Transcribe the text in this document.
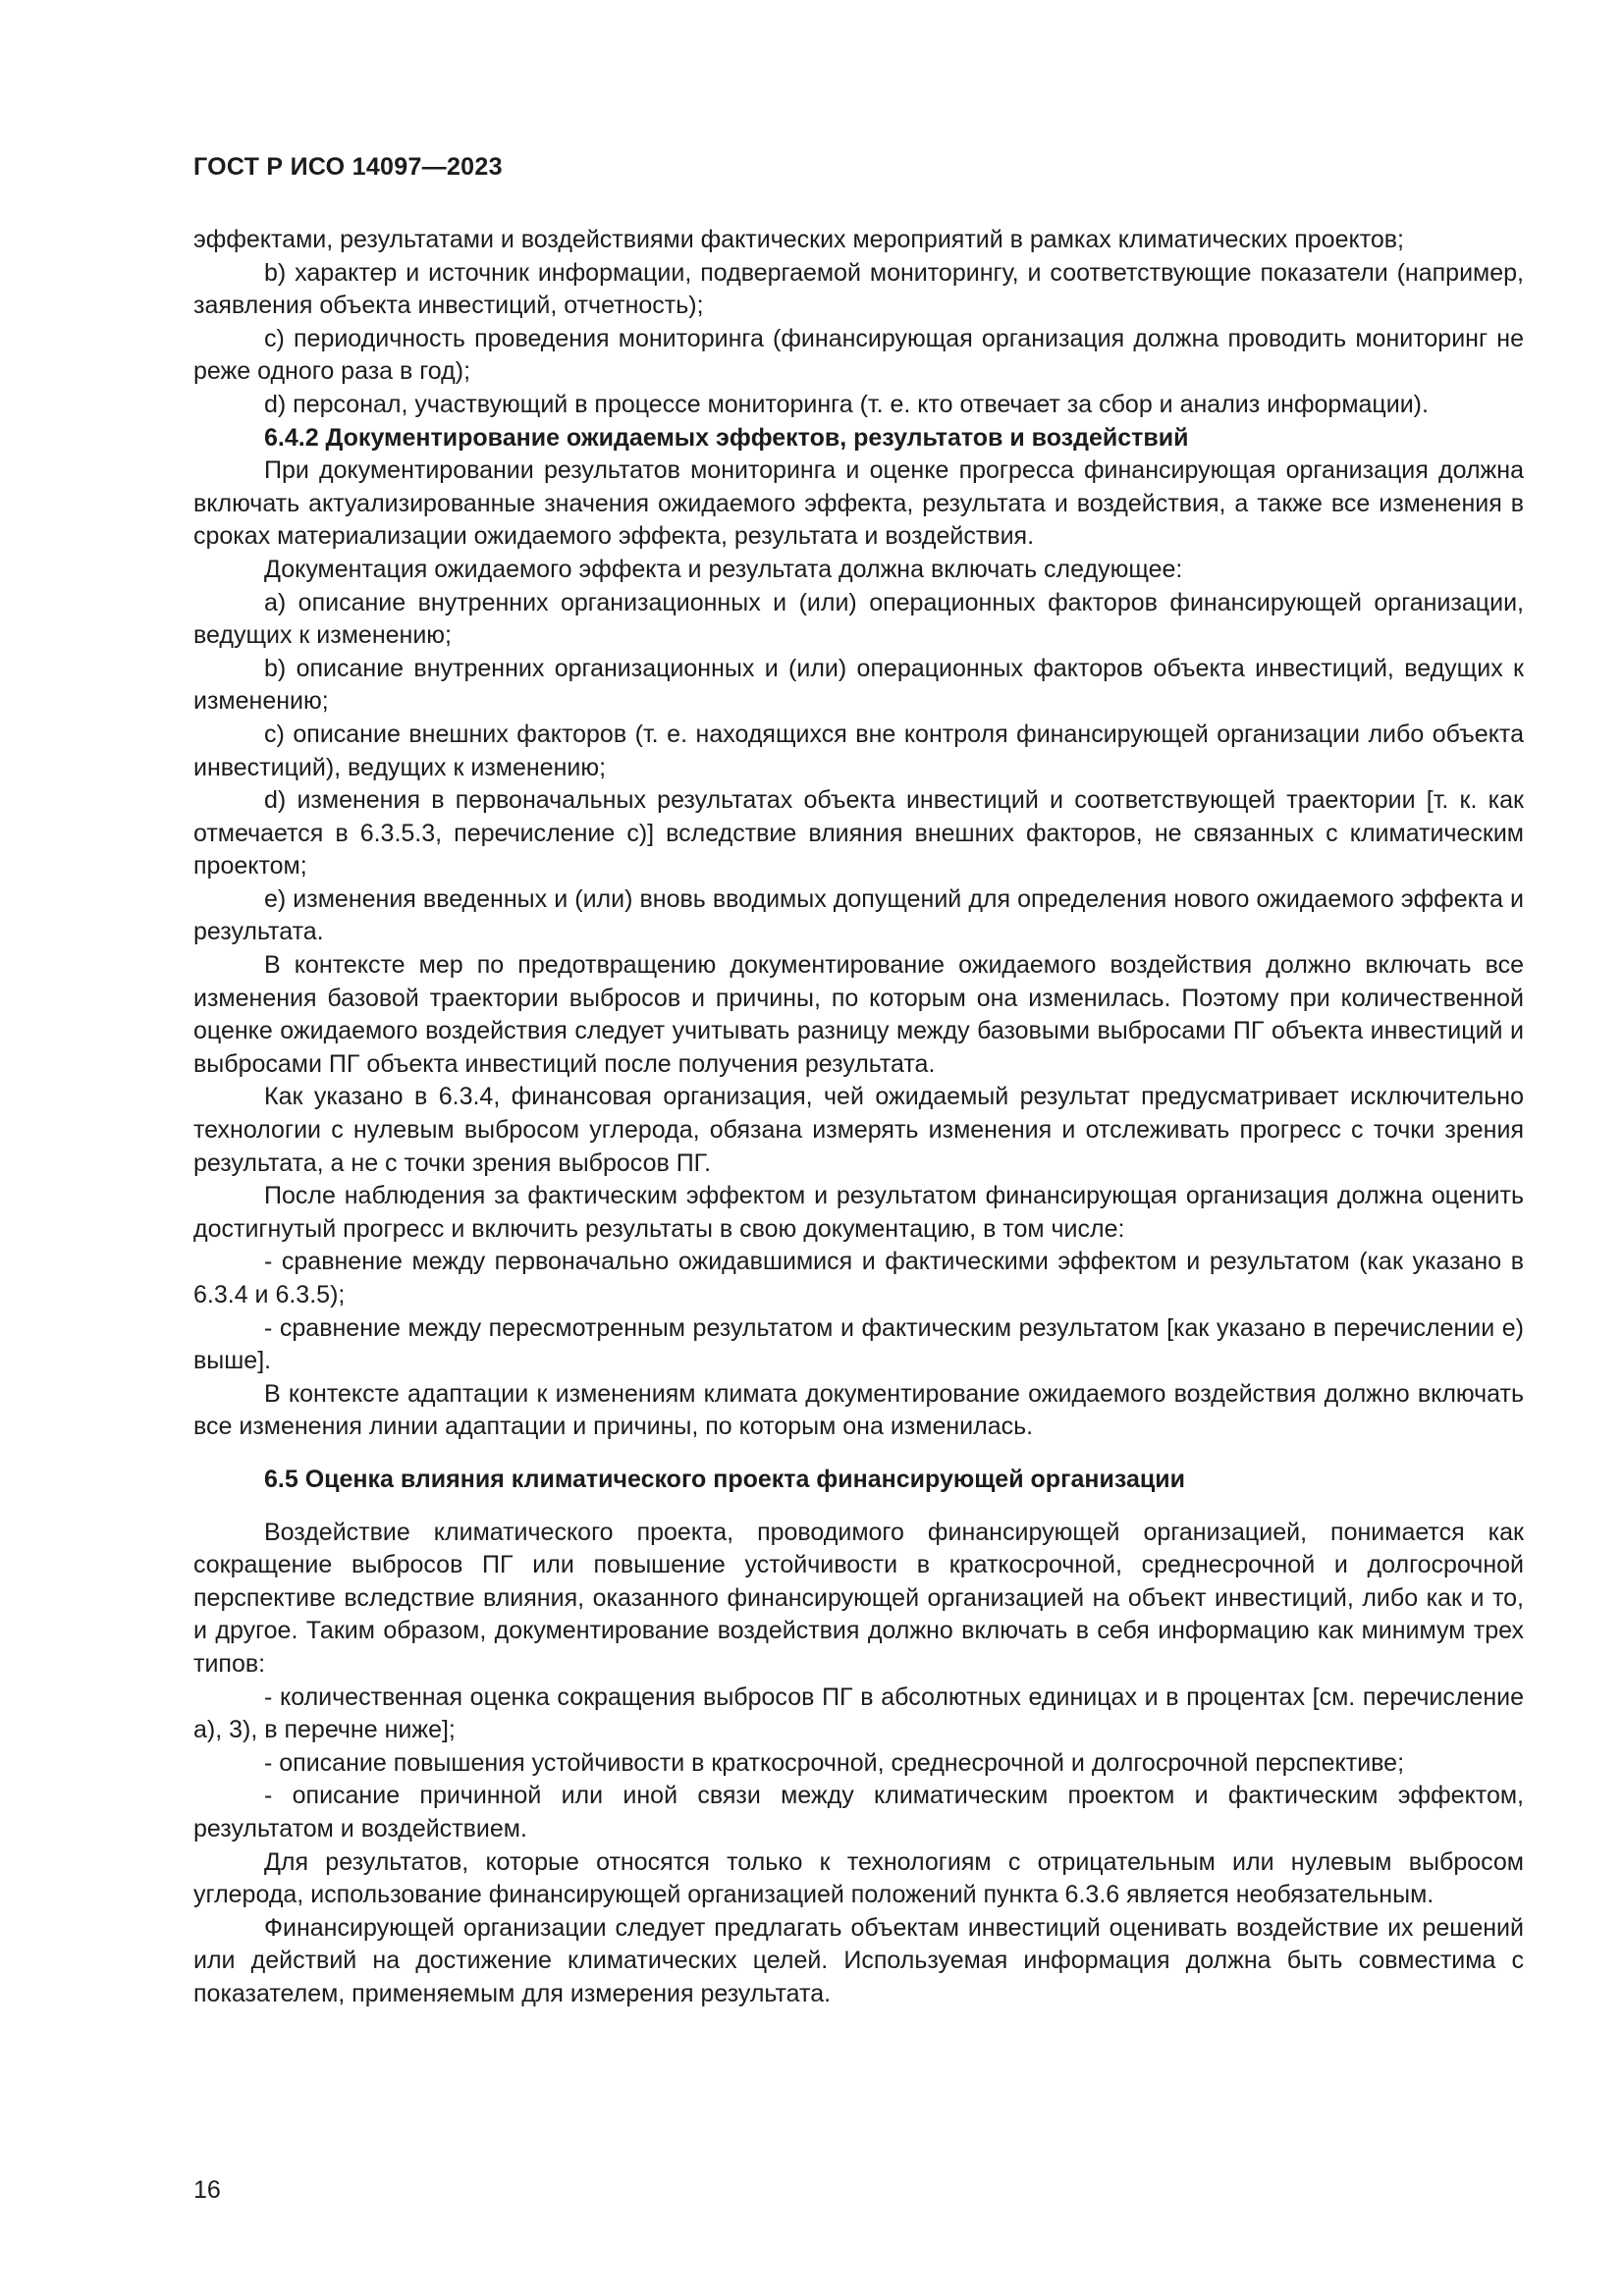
ГОСТ Р ИСО 14097—2023

эффектами, результатами и воздействиями фактических мероприятий в рамках климатических проектов;

b) характер и источник информации, подвергаемой мониторингу, и соответствующие показатели (например, заявления объекта инвестиций, отчетность);

c) периодичность проведения мониторинга (финансирующая организация должна проводить мониторинг не реже одного раза в год);

d) персонал, участвующий в процессе мониторинга (т. е. кто отвечает за сбор и анализ информации).

6.4.2 Документирование ожидаемых эффектов, результатов и воздействий

При документировании результатов мониторинга и оценке прогресса финансирующая организация должна включать актуализированные значения ожидаемого эффекта, результата и воздействия, а также все изменения в сроках материализации ожидаемого эффекта, результата и воздействия.

Документация ожидаемого эффекта и результата должна включать следующее:

a) описание внутренних организационных и (или) операционных факторов финансирующей организации, ведущих к изменению;

b) описание внутренних организационных и (или) операционных факторов объекта инвестиций, ведущих к изменению;

c) описание внешних факторов (т. е. находящихся вне контроля финансирующей организации либо объекта инвестиций), ведущих к изменению;

d) изменения в первоначальных результатах объекта инвестиций и соответствующей траектории [т. к. как отмечается в 6.3.5.3, перечисление c)] вследствие влияния внешних факторов, не связанных с климатическим проектом;

e) изменения введенных и (или) вновь вводимых допущений для определения нового ожидаемого эффекта и результата.

В контексте мер по предотвращению документирование ожидаемого воздействия должно включать все изменения базовой траектории выбросов и причины, по которым она изменилась. Поэтому при количественной оценке ожидаемого воздействия следует учитывать разницу между базовыми выбросами ПГ объекта инвестиций и выбросами ПГ объекта инвестиций после получения результата.

Как указано в 6.3.4, финансовая организация, чей ожидаемый результат предусматривает исключительно технологии с нулевым выбросом углерода, обязана измерять изменения и отслеживать прогресс с точки зрения результата, а не с точки зрения выбросов ПГ.

После наблюдения за фактическим эффектом и результатом финансирующая организация должна оценить достигнутый прогресс и включить результаты в свою документацию, в том числе:

- сравнение между первоначально ожидавшимися и фактическими эффектом и результатом (как указано в 6.3.4 и 6.3.5);

- сравнение между пересмотренным результатом и фактическим результатом [как указано в перечислении e) выше].

В контексте адаптации к изменениям климата документирование ожидаемого воздействия должно включать все изменения линии адаптации и причины, по которым она изменилась.

6.5 Оценка влияния климатического проекта финансирующей организации

Воздействие климатического проекта, проводимого финансирующей организацией, понимается как сокращение выбросов ПГ или повышение устойчивости в краткосрочной, среднесрочной и долгосрочной перспективе вследствие влияния, оказанного финансирующей организацией на объект инвестиций, либо как и то, и другое. Таким образом, документирование воздействия должно включать в себя информацию как минимум трех типов:

- количественная оценка сокращения выбросов ПГ в абсолютных единицах и в процентах [см. перечисление а), 3), в перечне ниже];

- описание повышения устойчивости в краткосрочной, среднесрочной и долгосрочной перспективе;

- описание причинной или иной связи между климатическим проектом и фактическим эффектом, результатом и воздействием.

Для результатов, которые относятся только к технологиям с отрицательным или нулевым выбросом углерода, использование финансирующей организацией положений пункта 6.3.6 является необязательным.

Финансирующей организации следует предлагать объектам инвестиций оценивать воздействие их решений или действий на достижение климатических целей. Используемая информация должна быть совместима с показателем, применяемым для измерения результата.

16
